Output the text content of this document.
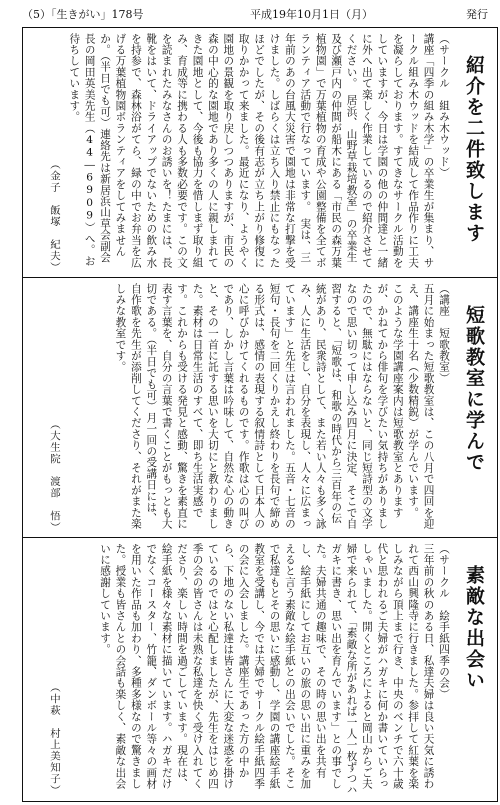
（5）「生きがい」178号	平成19年10月1日（月）	発行
紹介を二件致します
（サークル　組み木ウッド）

講座「四季の組み木学」の卒業生が集まり、サークル組み木ウッドを結成して作品作りに工夫を凝らしております。すてきなサークル活動をしていますが、今日は学園の他の仲間達と一緒に外へ出て楽しく作業しているので紹介させてください。　居浜、山野草栽培教室」の卒業生及び瀬戸内の仲間が船木にある「市民の森万葉植物園」で万葉植物の育成や公園整備を全てボランティア活動で行なっています。　実は、三年前のあの台風大災害で園地は非常な打撃を受けました。しばらくは立ち入り禁止にもなったほどでしたが、その後有志が立ち上がり修復に取りかかって来ました。最近になり、ようやく園地の景観を取り戻しつつありますが、市民の森の中心的な園地であり多くの人に親しまれてきた園地として、今後も協力を惜しまず取り組み、育成等に携わる人も多数必要です。この文を読まれたみなさんのお誘いを！たまには、長靴をはいて、ドライアップでないための飲み水を持参で、森林浴がてら、緑の中でお弁当を広げる万葉植物園ボランティアをしてみませんか。（半日でも可）連絡先は新居浜山草会副会長の岡田英美先生（44―6909）へ。お待ちしています。

（金子　飯塚　紀夫）
短歌教室に学んで
（講座　短歌教室）

五月に始まった短歌教室は、この八月で四回を迎え、講座生十名（少数精鋭）が学んでいます。　このような学園講座案内は短歌教室とありますが、かねてから俳句を学びたい気持ちがありましたので、無駄にはならないと、同じ短詩型の文学なので思い切って申し込み四月に決定、そこで自習すると、「短歌は、和歌の時代から三百年の伝統があり、民衆詩として、また若い人々も多く詠み、人に生活をし、自分を表現し、人々に広まっています」と先生は言われました。五音・七音の短句・長句を二回くりかえし終わりを長句で締める形式は、感情の表現する叙情詩として日本人の心に呼びかけてくれるものです。作歌は心の叫びであり、しかし言葉は吟味して、自然な心の動きと、その一首に託する思いを大切にと教わりました。素材は日常生活のすべて、即ち生活実感です。これからも受ける発見と感動、驚きを素直に表す言葉を、自分の言葉で書くことがもっとも大切である。（半日でも可）月一回の受講日には、自作歌を先生が添削してくださり、それがまた楽しみな教室です。

（大生院　渡部　悟）
素敵な出会い
（サークル　絵手紙四季の会）

三年前の秋のある日、私達夫婦は良い天気に誘われて西山興隆寺に行きました。参拝して紅葉を楽しみながら頂上まで行き、中央のベンチで六十歳代と思われるご夫婦がハガキに何か書いていらっしゃいました。開くところによると岡山からご夫婦で来られて、「素敵な所があれば一人一枚ずつハガキに書き、思い出を育んでいます」との事でした。夫婦共通の趣味で、その時の思い出を共有し、絵手紙にしてお互いの旅の思い出に重みを加えると言う素敵な絵手紙との出会いでした。そこで私達もとその思いに感動し、学園の講座絵手紙教室を受講し、今では夫婦でサークル絵手紙四季の会に入会しました。講座生であった方の中から、下地のない私達は皆さんに大変な迷惑を掛けているのではと心配しましたが、先生をはじめ四季の会の皆さんは未熟な私達を快く受け入れてくださり、楽しい時間を過ごしています。現在は、絵手紙を様々な素材に描いています。ハガキだけでなくコースター、竹籠、ダンボール等々の画材を用いた作品も加わり、多種多様なので驚きました。授業も皆さんとの会話も楽しく、素敵な出会いに感謝しています。

（中萩　村上美知子）
